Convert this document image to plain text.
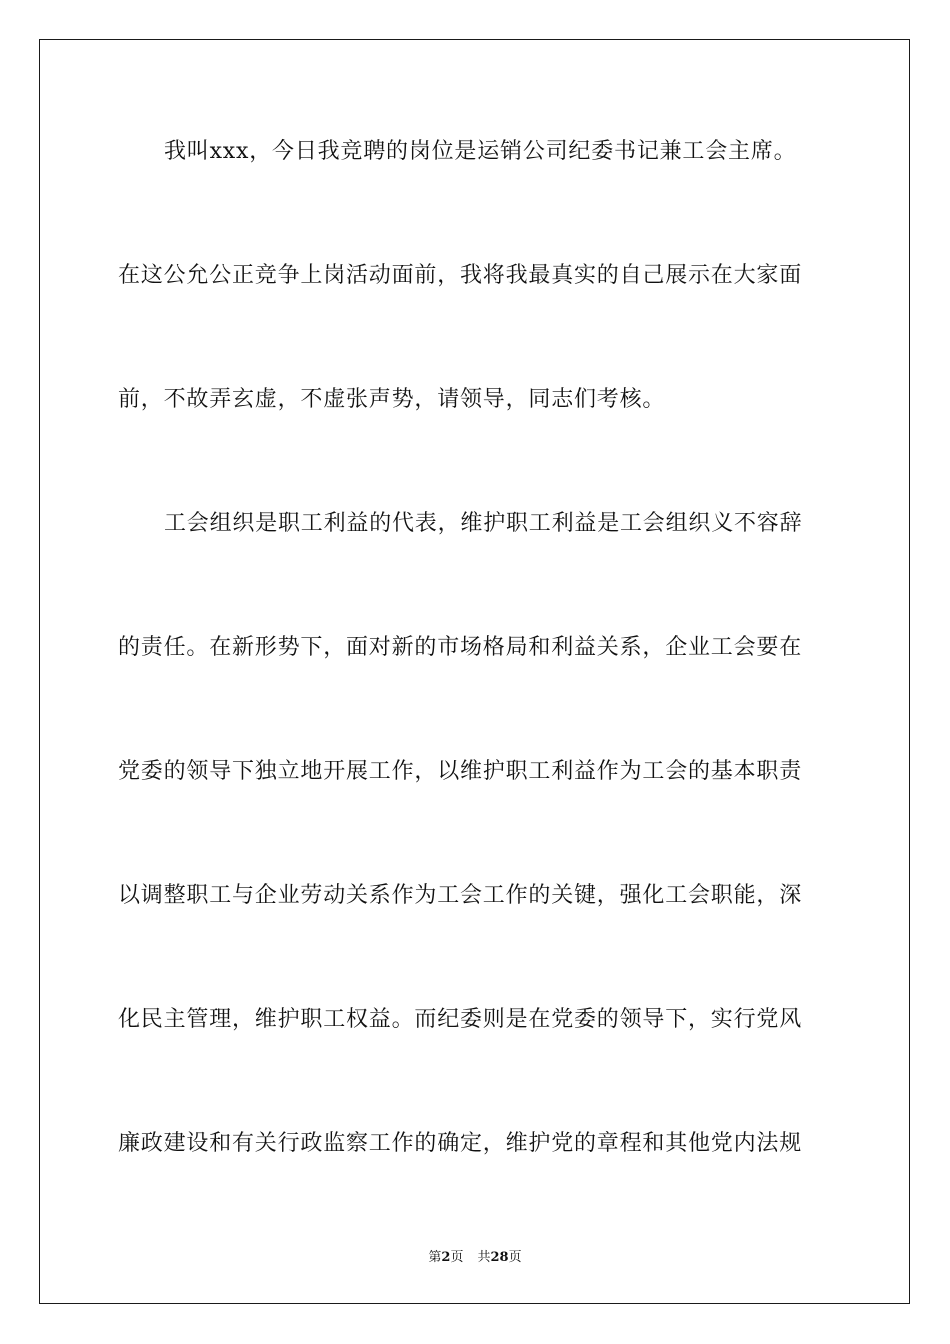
我叫xxx，今日我竞聘的岗位是运销公司纪委书记兼工会主席。
在这公允公正竞争上岗活动面前，我将我最真实的自己展示在大家面
前，不故弄玄虚，不虚张声势，请领导，同志们考核。
工会组织是职工利益的代表，维护职工利益是工会组织义不容辞
的责任。在新形势下，面对新的市场格局和利益关系，企业工会要在
党委的领导下独立地开展工作，以维护职工利益作为工会的基本职责
以调整职工与企业劳动关系作为工会工作的关键，强化工会职能，深
化民主管理，维护职工权益。而纪委则是在党委的领导下，实行党风
廉政建设和有关行政监察工作的确定，维护党的章程和其他党内法规
第2页 共28页
